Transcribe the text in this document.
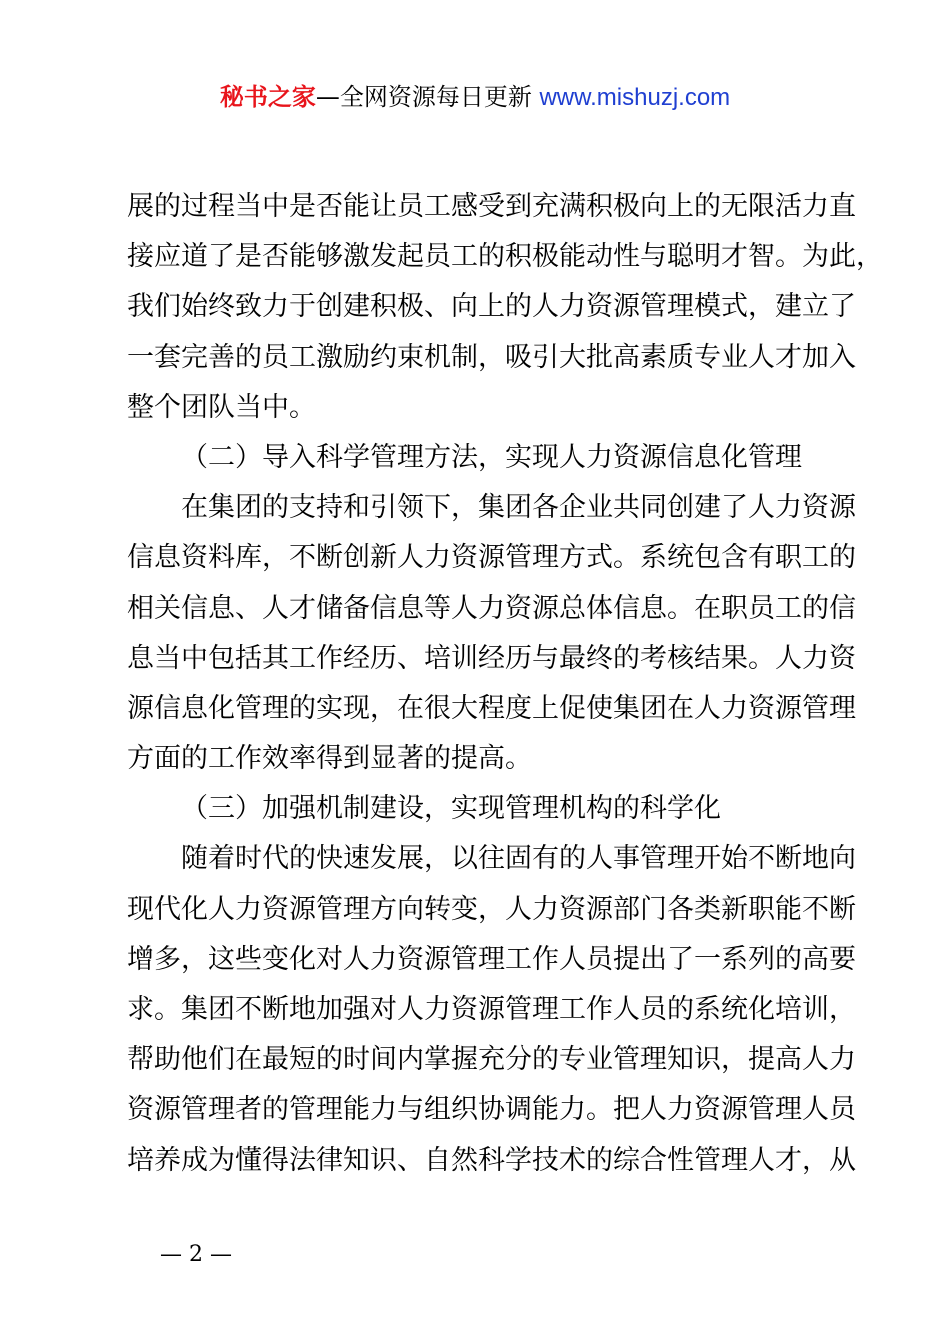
秘书之家—全网资源每日更新 www.mishuzj.com
展的过程当中是否能让员工感受到充满积极向上的无限活力直
接应道了是否能够激发起员工的积极能动性与聪明才智。为此，
我们始终致力于创建积极、向上的人力资源管理模式，建立了
一套完善的员工激励约束机制，吸引大批高素质专业人才加入
整个团队当中。
（二）导入科学管理方法，实现人力资源信息化管理
在集团的支持和引领下，集团各企业共同创建了人力资源
信息资料库，不断创新人力资源管理方式。系统包含有职工的
相关信息、人才储备信息等人力资源总体信息。在职员工的信
息当中包括其工作经历、培训经历与最终的考核结果。人力资
源信息化管理的实现，在很大程度上促使集团在人力资源管理
方面的工作效率得到显著的提高。
（三）加强机制建设，实现管理机构的科学化
随着时代的快速发展，以往固有的人事管理开始不断地向
现代化人力资源管理方向转变，人力资源部门各类新职能不断
增多，这些变化对人力资源管理工作人员提出了一系列的高要
求。集团不断地加强对人力资源管理工作人员的系统化培训，
帮助他们在最短的时间内掌握充分的专业管理知识，提高人力
资源管理者的管理能力与组织协调能力。把人力资源管理人员
培养成为懂得法律知识、自然科学技术的综合性管理人才，从
— 2 —
